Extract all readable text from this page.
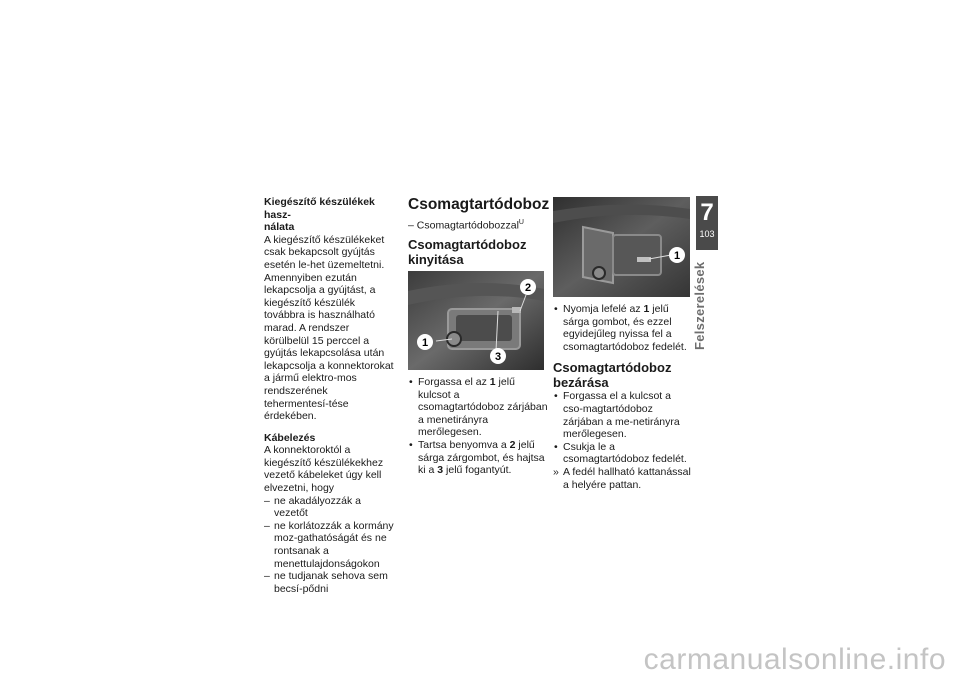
Kiegészítő készülékek hasz-
nálata

A kiegészítő készülékeket csak bekapcsolt gyújtás esetén le-het üzemeltetni. Amennyiben ezután lekapcsolja a gyújtást, a kiegészítő készülék továbbra is használható marad. A rendszer körülbelül 15 perccel a gyújtás lekapcsolása után lekapcsolja a konnektorokat a jármű elektro-mos rendszerének tehermentesí-tése érdekében.

Kábelezés

A konnektoroktól a kiegészítő készülékekhez vezető kábeleket úgy kell elvezetni, hogy

– ne akadályozzák a vezetőt
– ne korlátozzák a kormány moz-gathatóságát és ne rontsanak a menettulajdonságokon
– ne tudjanak sehova sem becsí-pődni
Csomagtartódoboz

– Csomagtartódobozzal$^U$

Csomagtartódoboz kinyitása
1
2
3
• Forgassa el az 1 jelű kulcsot a csomagtartódoboz zárjában a menetirányra merőlegesen.
• Tartsa benyomva a 2 jelű sárga zárgombot, és hajtsa ki a 3 jelű fogantyút.
1
• Nyomja lefelé az 1 jelű sárga gombot, és ezzel egyidejűleg nyissa fel a csomagtartódoboz fedelét.
Csomagtartódoboz bezárása
• Forgassa el a kulcsot a cso-magtartódoboz zárjában a me-netirányra merőlegesen.
• Csukja le a csomagtartódoboz fedelét.
» A fedél hallható kattanással a helyére pattan.
7
103
Felszerelések
carmanualsonline.info
